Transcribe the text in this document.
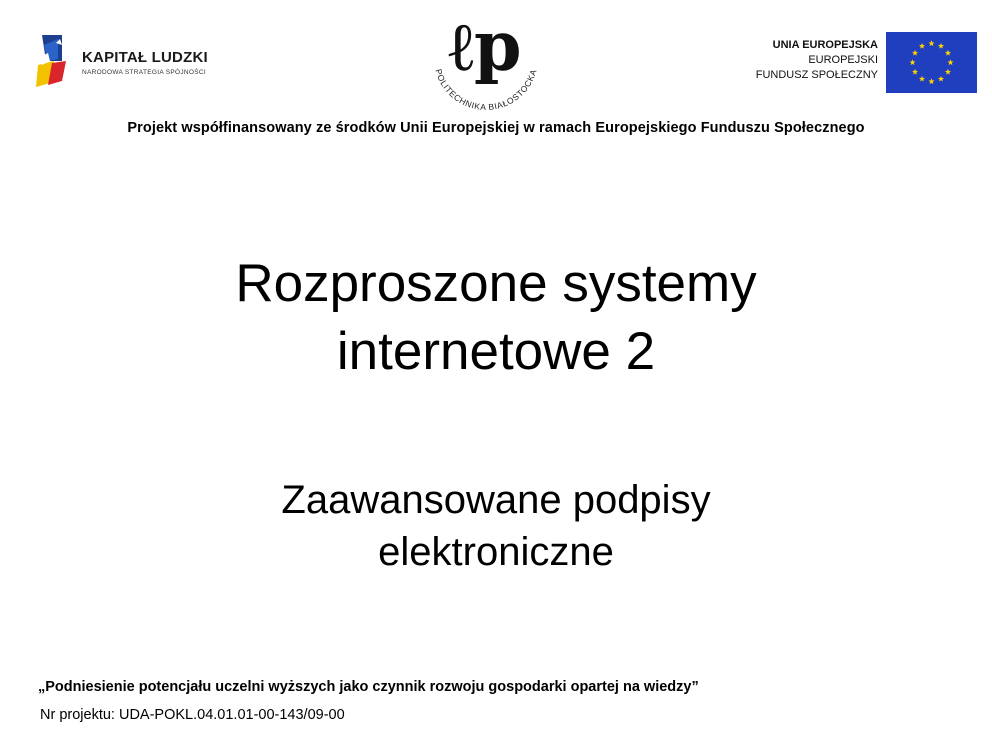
KAPITAŁ LUDZKI
NARODOWA STRATEGIA SPÓJNOŚCI	ℓp
POLITECHNIKA BIAŁOSTOCKA
UNIA EUROPEJSKA
EUROPEJSKI
FUNDUSZ SPOŁECZNY
Projekt współfinansowany ze środków Unii Europejskiej w ramach Europejskiego Funduszu Społecznego
Rozproszone systemy
internetowe 2
Zaawansowane podpisy
elektroniczne
„Podniesienie potencjału uczelni wyższych jako czynnik rozwoju gospodarki opartej na wiedzy”
Nr projektu: UDA-POKL.04.01.01-00-143/09-00
